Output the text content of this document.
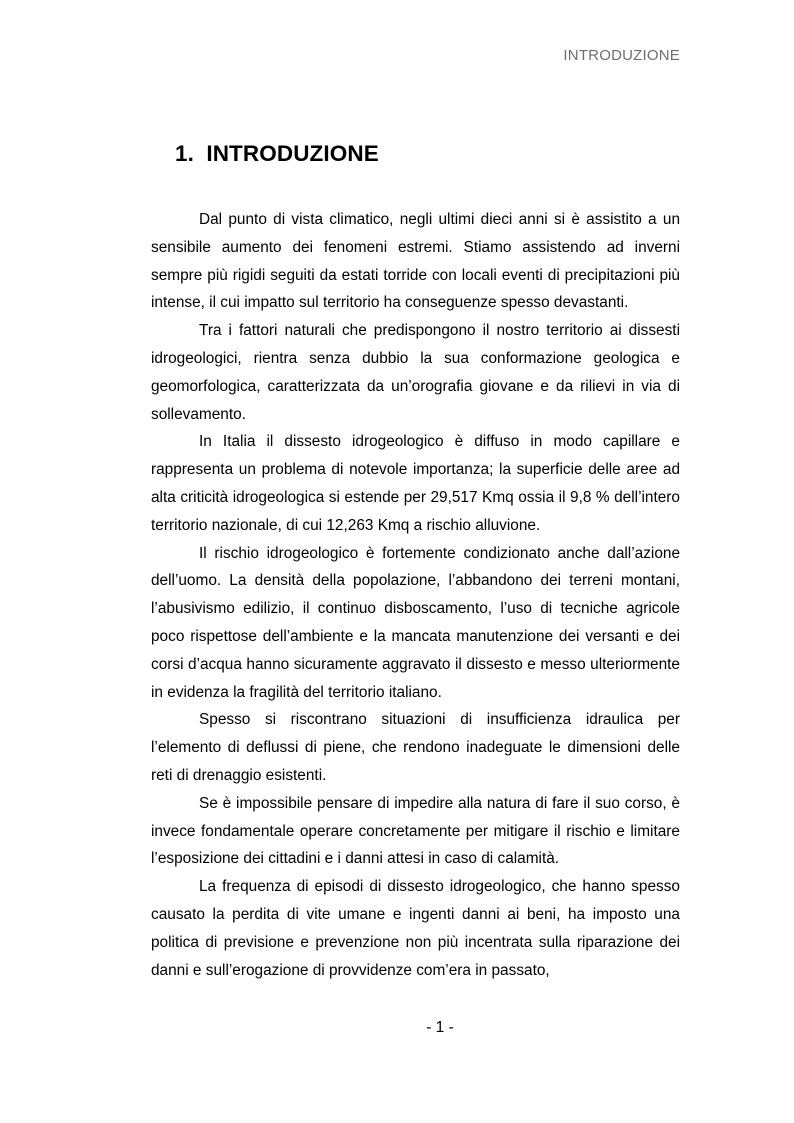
INTRODUZIONE
1. INTRODUZIONE

Dal punto di vista climatico, negli ultimi dieci anni si è assistito a un sensibile aumento dei fenomeni estremi. Stiamo assistendo ad inverni sempre più rigidi seguiti da estati torride con locali eventi di precipitazioni più intense, il cui impatto sul territorio ha conseguenze spesso devastanti.

Tra i fattori naturali che predispongono il nostro territorio ai dissesti idrogeologici, rientra senza dubbio la sua conformazione geologica e geomorfologica, caratterizzata da un’orografia giovane e da rilievi in via di sollevamento.

In Italia il dissesto idrogeologico è diffuso in modo capillare e rappresenta un problema di notevole importanza; la superficie delle aree ad alta criticità idrogeologica si estende per 29,517 Kmq ossia il 9,8 % dell’intero territorio nazionale, di cui 12,263 Kmq a rischio alluvione.

Il rischio idrogeologico è fortemente condizionato anche dall’azione dell’uomo. La densità della popolazione, l’abbandono dei terreni montani, l’abusivismo edilizio, il continuo disboscamento, l’uso di tecniche agricole poco rispettose dell’ambiente e la mancata manutenzione dei versanti e dei corsi d’acqua hanno sicuramente aggravato il dissesto e messo ulteriormente in evidenza la fragilità del territorio italiano.

Spesso si riscontrano situazioni di insufficienza idraulica per l’elemento di deflussi di piene, che rendono inadeguate le dimensioni delle reti di drenaggio esistenti.

Se è impossibile pensare di impedire alla natura di fare il suo corso, è invece fondamentale operare concretamente per mitigare il rischio e limitare l’esposizione dei cittadini e i danni attesi in caso di calamità.

La frequenza di episodi di dissesto idrogeologico, che hanno spesso causato la perdita di vite umane e ingenti danni ai beni, ha imposto una politica di previsione e prevenzione non più incentrata sulla riparazione dei danni e sull’erogazione di provvidenze com’era in passato,

- 1 -
